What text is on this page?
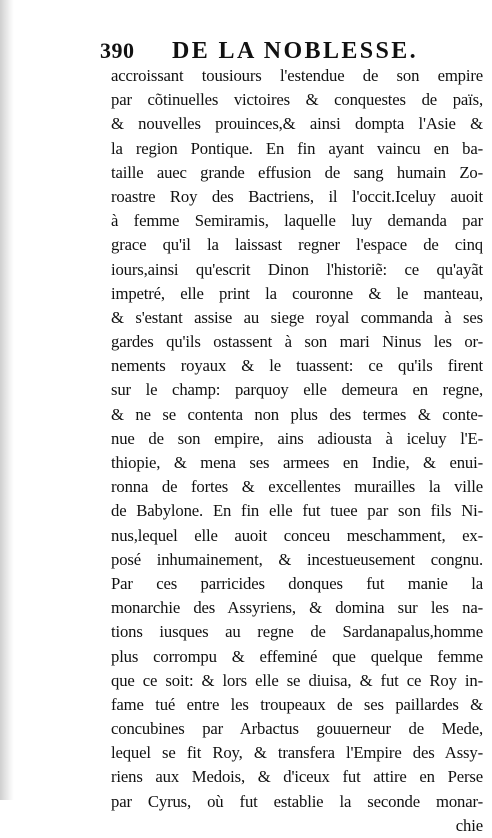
390 DE LA NOBLESSE.
accroissant tousiours l'estendue de son empire
par cõtinuelles victoires & conquestes de païs,
& nouvelles prouinces,& ainsi dompta l'Asie &
la region Pontique. En fin ayant vaincu en ba-
taille auec grande effusion de sang humain Zo-
roastre Roy des Bactriens, il l'occit.Iceluy auoit
à femme Semiramis, laquelle luy demanda par
grace qu'il la laissast regner l'espace de cinq
iours,ainsi qu'escrit Dinon l'historiẽ: ce qu'ayãt
impetré, elle print la couronne & le manteau,
& s'estant assise au siege royal commanda à ses
gardes qu'ils ostassent à son mari Ninus les or-
nements royaux & le tuassent: ce qu'ils firent
sur le champ: parquoy elle demeura en regne,
& ne se contenta non plus des termes & conte-
nue de son empire, ains adiousta à iceluy l'E-
thiopie, & mena ses armees en Indie, & enui-
ronna de fortes & excellentes murailles la ville
de Babylone. En fin elle fut tuee par son fils Ni-
nus,lequel elle auoit conceu meschamment, ex-
posé inhumainement, & incestueusement congnu.
Par ces parricides donques fut manie la
monarchie des Assyriens, & domina sur les na-
tions iusques au regne de Sardanapalus,homme
plus corrompu & effeminé que quelque femme
que ce soit: & lors elle se diuisa, & fut ce Roy in-
fame tué entre les troupeaux de ses paillardes &
concubines par Arbactus gouuerneur de Mede,
lequel se fit Roy, & transfera l'Empire des Assy-
riens aux Medois, & d'iceux fut attire en Perse
par Cyrus, où fut establie la seconde monar-
chie
